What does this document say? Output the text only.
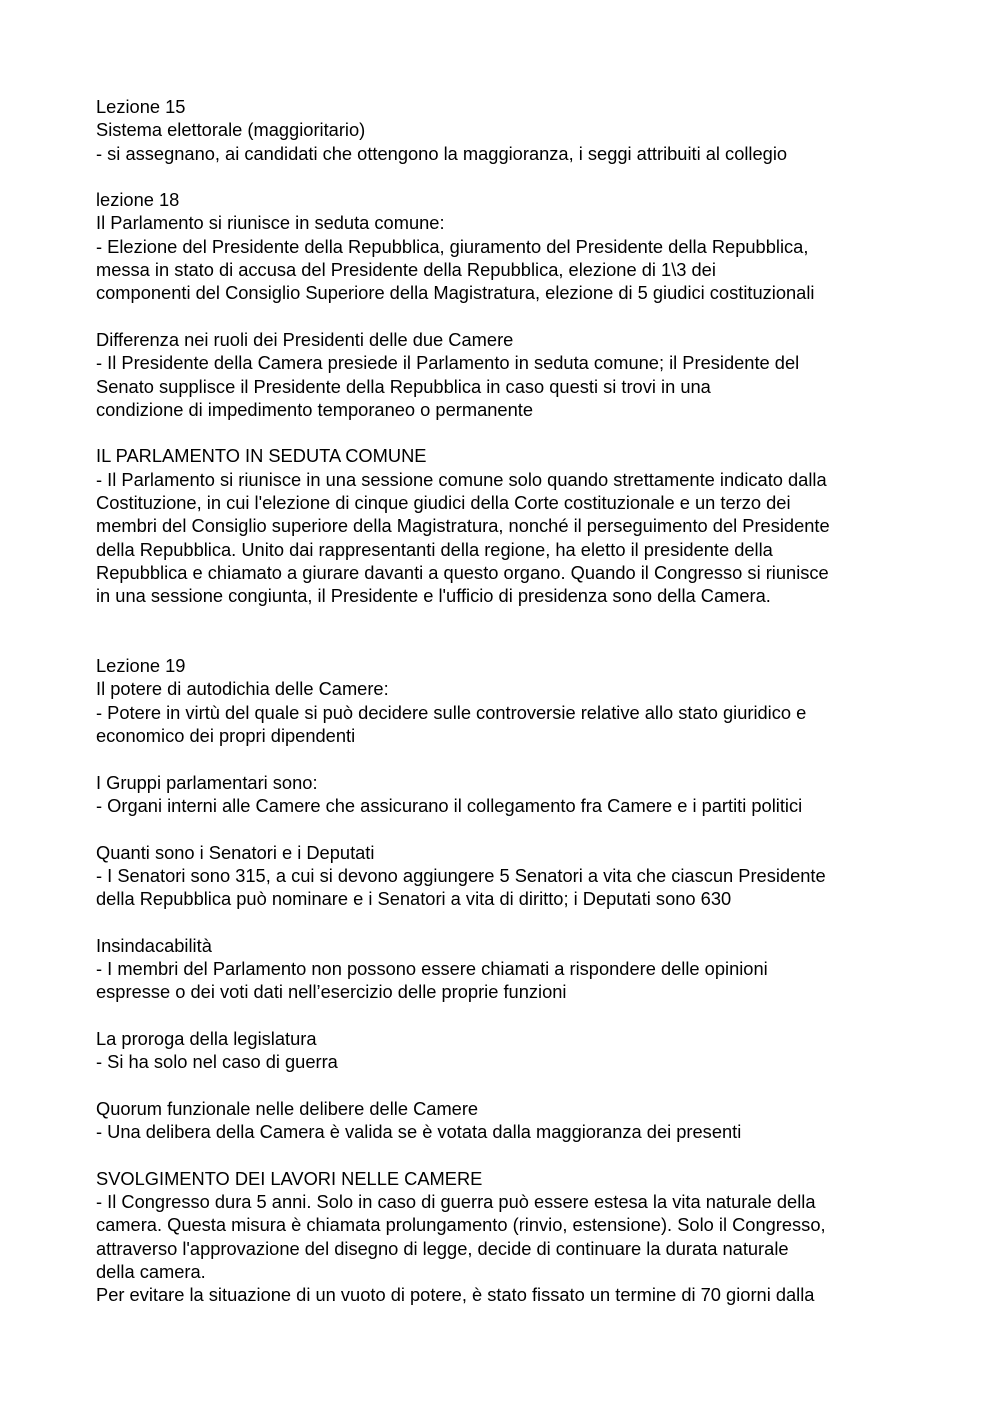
Lezione 15
Sistema elettorale (maggioritario)
- si assegnano, ai candidati che ottengono la maggioranza, i seggi attribuiti al collegio
lezione 18
Il Parlamento si riunisce in seduta comune:
- Elezione del Presidente della Repubblica, giuramento del Presidente della Repubblica,
messa in stato di accusa del Presidente della Repubblica, elezione di 1\3 dei
componenti del Consiglio Superiore della Magistratura, elezione di 5 giudici costituzionali
Differenza nei ruoli dei Presidenti delle due Camere
- Il Presidente della Camera presiede il Parlamento in seduta comune; il Presidente del
Senato supplisce il Presidente della Repubblica in caso questi si trovi in una
condizione di impedimento temporaneo o permanente
IL PARLAMENTO IN SEDUTA COMUNE
- Il Parlamento si riunisce in una sessione comune solo quando strettamente indicato dalla
Costituzione, in cui l'elezione di cinque giudici della Corte costituzionale e un terzo dei
membri del Consiglio superiore della Magistratura, nonché il perseguimento del Presidente
della Repubblica. Unito dai rappresentanti della regione, ha eletto il presidente della
Repubblica e chiamato a giurare davanti a questo organo. Quando il Congresso si riunisce
in una sessione congiunta, il Presidente e l'ufficio di presidenza sono della Camera.
Lezione 19
Il potere di autodichia delle Camere:
- Potere in virtù del quale si può decidere sulle controversie relative allo stato giuridico e
economico dei propri dipendenti
I Gruppi parlamentari sono:
- Organi interni alle Camere che assicurano il collegamento fra Camere e i partiti politici
Quanti sono i Senatori e i Deputati
- I Senatori sono 315, a cui si devono aggiungere 5 Senatori a vita che ciascun Presidente
della Repubblica può nominare e i Senatori a vita di diritto; i Deputati sono 630
Insindacabilità
- I membri del Parlamento non possono essere chiamati a rispondere delle opinioni
espresse o dei voti dati nell’esercizio delle proprie funzioni
La proroga della legislatura
- Si ha solo nel caso di guerra
Quorum funzionale nelle delibere delle Camere
- Una delibera della Camera è valida se è votata dalla maggioranza dei presenti
SVOLGIMENTO DEI LAVORI NELLE CAMERE
- Il Congresso dura 5 anni. Solo in caso di guerra può essere estesa la vita naturale della
camera. Questa misura è chiamata prolungamento (rinvio, estensione). Solo il Congresso,
attraverso l'approvazione del disegno di legge, decide di continuare la durata naturale
della camera.
Per evitare la situazione di un vuoto di potere, è stato fissato un termine di 70 giorni dalla
